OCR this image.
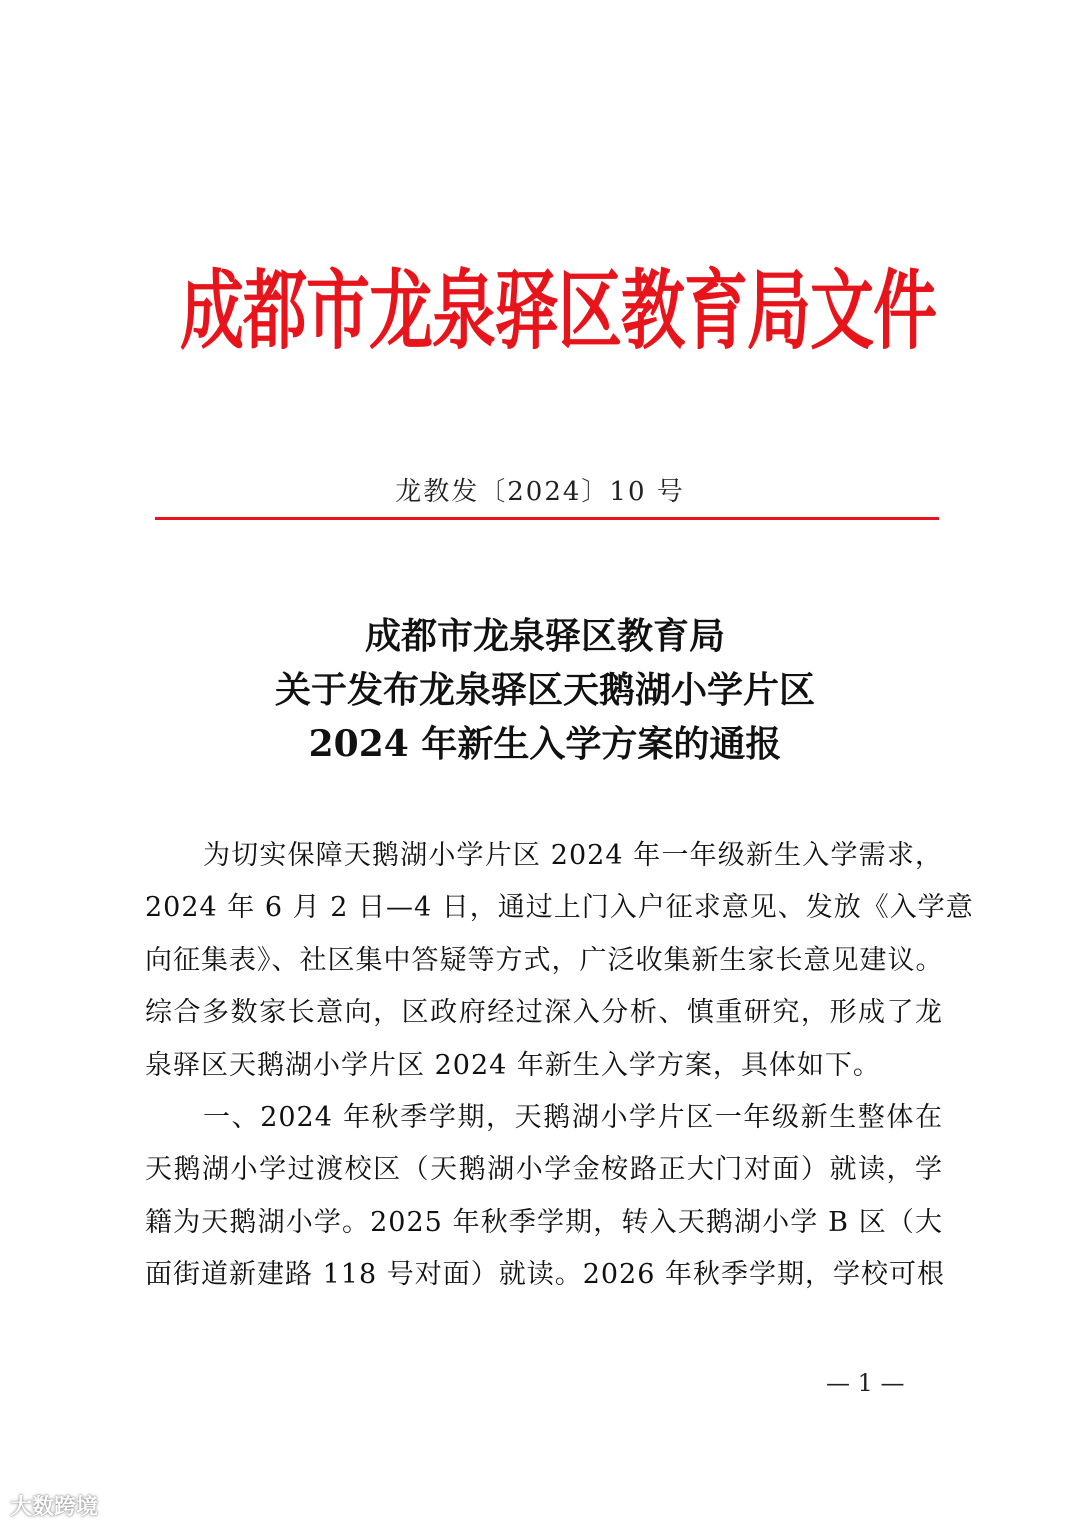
成都市龙泉驿区教育局文件
龙教发〔2024〕10 号
成都市龙泉驿区教育局
关于发布龙泉驿区天鹅湖小学片区
2024 年新生入学方案的通报
为切实保障天鹅湖小学片区 2024 年一年级新生入学需求，
2024 年 6 月 2 日—4 日，通过上门入户征求意见、发放《入学意
向征集表》、社区集中答疑等方式，广泛收集新生家长意见建议。
综合多数家长意向，区政府经过深入分析、慎重研究，形成了龙
泉驿区天鹅湖小学片区 2024 年新生入学方案，具体如下。
一、2024 年秋季学期，天鹅湖小学片区一年级新生整体在
天鹅湖小学过渡校区（天鹅湖小学金桉路正大门对面）就读，学
籍为天鹅湖小学。2025 年秋季学期，转入天鹅湖小学 B 区（大
面街道新建路 118 号对面）就读。2026 年秋季学期，学校可根
— 1 —
大数跨境
